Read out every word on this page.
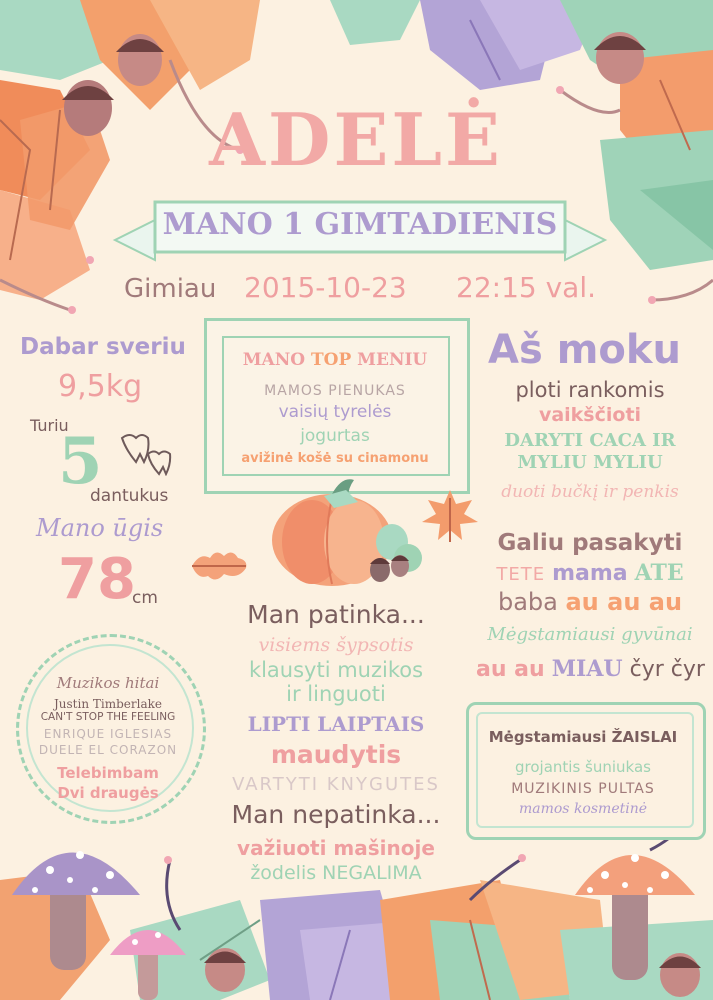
ADELĖ
MANO 1 GIMTADIENIS
Gimiau 2015-10-23 22:15 val.
Dabar sveriu
9,5kg
Turiu
5
dantukus
Mano ūgis
78
cm
MANO TOP MENIU
MAMOS PIENUKAS
vaisių tyrelės
jogurtas
avižinė košė su cinamonu
Aš moku
ploti rankomis
vaikščioti
DARYTI CACA IR
MYLIU MYLIU
duoti bučkį ir penkis
Galiu pasakyti
TETE mama ATE
baba au au au
Mėgstamiausi gyvūnai
au au MIAU čyr čyr
Man patinka...
visiems šypsotis
klausyti muzikos
ir linguoti
LIPTI LAIPTAIS
maudytis
VARTYTI KNYGUTES
Man nepatinka...
važiuoti mašinoje
žodelis NEGALIMA
Muzikos hitai
Justin Timberlake
CAN'T STOP THE FEELING
ENRIQUE IGLESIAS
DUELE EL CORAZON
Telebimbam
Dvi draugės
Mėgstamiausi ŽAISLAI
grojantis šuniukas
MUZIKINIS PULTAS
mamos kosmetinė
